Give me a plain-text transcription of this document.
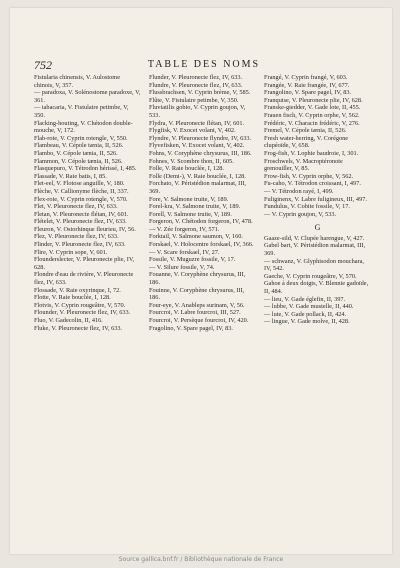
752	TABLE DES NOMS
Fistularia chinensis, V. Aulostome chinois, V, 357.
— paradoxa, V. Solénostome paradoxe, V, 361.
— tabacaria, V. Fistulaire petimbe, V, 350.
Flacking-houting, V. Chétodon double-mouche, V, 172.
Flab-roie, V. Cyprin rotengle, V, 550.
Flambeau, V. Cépole tænia, II, 526.
Flambo, V. Cépole tænia, II, 526.
Flammon, V. Cépole tænia, II, 526.
Flasquepuro, V. Tétrodon hérissé, I, 485.
Flassade, V. Raie batis, I, 85.
Flet-eel, V. Flotose anguille, V, 180.
Flèche, V. Callionyme flèche, II, 337.
Flex-roie, V. Cyprin rotengle, V, 570.
Flet, V. Pleuronecte flez, IV, 633.
Fletan, V. Pleuronecte flétan, IV, 601.
Flételet, V. Pleuronecte flez, IV, 633.
Fleuron, V. Ostorhinque fleurieu, IV, 56.
Flez, V. Pleuronecte flez, IV, 633.
Flinder, V. Pleuronecte flez, IV, 633.
Flire, V. Cyprin sope, V, 601.
Flounderslecter, V. Pleuronecte plie, IV, 628.
Flondre d'eau de rivière, V. Pleuronecte flez, IV, 633.
Flossade, V. Raie oxyrinque, I, 72.
Flotte, V. Raie bouclée, I, 128.
Flotvis, V. Cyprin rougeâtre, V, 570.
Flounder, V. Pleuronecte flez, IV, 633.
Fluo, V. Gadecolin, II, 416.
Fluke, V. Pleuronecte flez, IV, 633.
Flunder, V. Pleuronecte flez, IV, 633.
Flundre, V. Pleuronecte flez, IV, 633.
Flussbrachsen, V. Cyprin brème, V, 585.
Flûte, V. Fistulaire petimbe, V, 350.
Fluviatilis gobio, V. Cyprin goujon, V, 533.
Flydra, V. Pleuronecte flétan, IV, 601.
Flygfisk, V. Exocet volant, V, 402.
Flyndre, V. Pleuronecte flyndre, IV, 633.
Flyvefisken, V. Exocet volant, V, 402.
Fohns, V. Coryphène chrysurus, III, 186.
Fohnes, V. Scombre thon, II, 605.
Folle, V. Raie bouclée, I, 128.
Folle (Demi-), V. Raie bouclée, I, 128.
Forchato, V. Péristédion malarmat, III, 369.
Fore, V. Salmone truite, V, 189.
Forel-kra, V. Salmone truite, V, 189.
Forell, V. Salmone truite, V, 189.
Forgeron, V. Chétodon forgeron, IV, 478.
— V. Zée forgeron, IV, 571.
Forktail, V. Salmone saumon, V, 160.
Forskael, V. Holocentre forskael, IV, 366.
— V. Scare forskael, IV, 27.
Fossile, V. Muguzre fossile, V, 17.
— V. Silure fossile, V, 74.
Fouanne, V. Coryphène chrysurus, III, 186.
Fouinne, V. Coryphène chrysurus, III, 186.
Four-eye, V. Anableps surinam, V, 56.
Fourcroi, V. Labre fourcroi, III, 527.
Fourcroi, V. Persèque fourcroi, IV, 420.
Fragolino, V. Spare pagel, IV, 83.
Frangé, V. Cyprin frangé, V, 603.
Frangée, V. Raie frangée, IV, 677.
Frangolino, V. Spare pagel, IV, 83.
Franquise, V. Pleuronecte plie, IV, 628.
Franske-giedder, V. Gade lote, II, 455.
Frauen fisch, V. Cyprin orphe, V, 562.
Frédéric, V. Characin frédéric, V, 276.
Fremel, V. Cépole tænia, II, 526.
Fresh water-herring, V. Corégone clupéoïde, V, 658.
Frog-fish, V. Lophie baudroie, I, 301.
Froschwels, V. Macroptéronote grenouiller, V, 85.
Frow-fish, V. Cyprin orphe, V, 562.
Fu-caho, V. Tétrodon croissant, I, 497.
— V. Tétrodon rayé, I, 499.
Fuliginenx, V. Labre fuligineux, III, 497.
Fundulus, V. Cobite fossile, V, 17.
— V. Cyprin goujon, V, 533.
G
Gaaze-sild, V. Clupée harengue, V, 427.
Gabel bart, V. Péristédion malarmat, III, 369.
— schwanz, V. Glyphisodon mouchara, IV, 542.
Gaeche, V. Cyprin rougeâtre, V, 570.
Gahoe à deux doigts, V. Blennie gadoïde, II, 484.
— lieu, V. Gade églefin, II, 397.
— lubbe, V. Gade mustelle, II, 440.
— lute, V. Gade pollack, II, 424.
— lingue, V. Gade molve, II, 428.
Source gallica.bnf.fr / Bibliothèque nationale de France
